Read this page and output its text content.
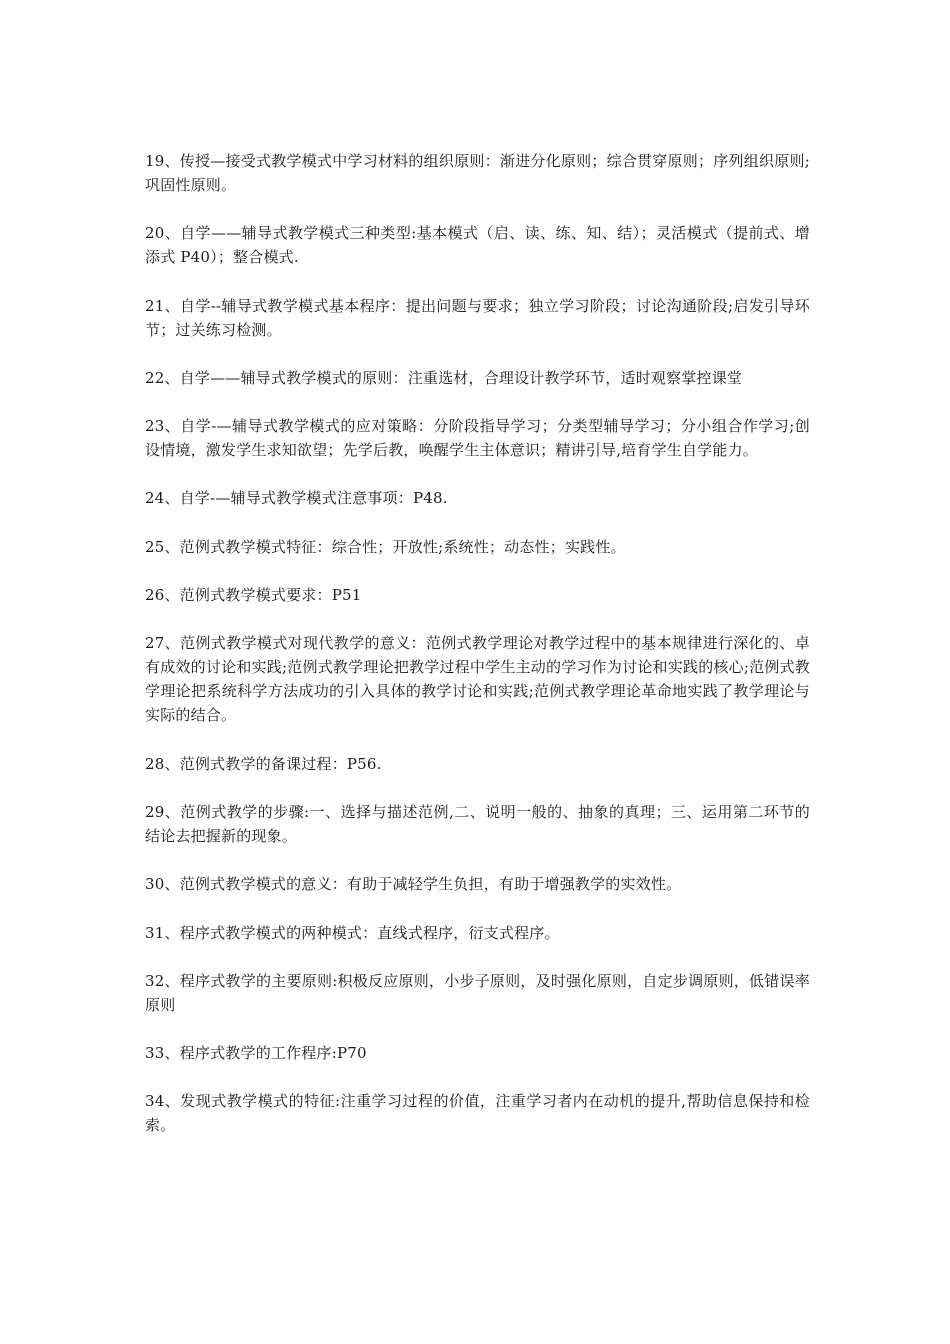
19、传授—接受式教学模式中学习材料的组织原则：渐进分化原则；综合贯穿原则；序列组织原则;巩固性原则。

20、自学——辅导式教学模式三种类型:基本模式（启、读、练、知、结）；灵活模式（提前式、增添式 P40）；整合模式.

21、自学--辅导式教学模式基本程序：提出问题与要求；独立学习阶段；讨论沟通阶段;启发引导环节；过关练习检测。

22、自学——辅导式教学模式的原则：注重选材，合理设计教学环节，适时观察掌控课堂

23、自学-—辅导式教学模式的应对策略：分阶段指导学习；分类型辅导学习；分小组合作学习;创设情境，激发学生求知欲望；先学后教，唤醒学生主体意识；精讲引导,培育学生自学能力。

24、自学-—辅导式教学模式注意事项：P48.

25、范例式教学模式特征：综合性；开放性;系统性；动态性；实践性。

26、范例式教学模式要求：P51

27、范例式教学模式对现代教学的意义：范例式教学理论对教学过程中的基本规律进行深化的、卓有成效的讨论和实践;范例式教学理论把教学过程中学生主动的学习作为讨论和实践的核心;范例式教学理论把系统科学方法成功的引入具体的教学讨论和实践;范例式教学理论革命地实践了教学理论与实际的结合。

28、范例式教学的备课过程：P56.

29、范例式教学的步骤:一、选择与描述范例,二、说明一般的、抽象的真理；三、运用第二环节的结论去把握新的现象。

30、范例式教学模式的意义：有助于减轻学生负担，有助于增强教学的实效性。

31、程序式教学模式的两种模式：直线式程序，衍支式程序。

32、程序式教学的主要原则:积极反应原则，小步子原则，及时强化原则，自定步调原则，低错误率原则

33、程序式教学的工作程序:P70

34、发现式教学模式的特征:注重学习过程的价值，注重学习者内在动机的提升,帮助信息保持和检索。
